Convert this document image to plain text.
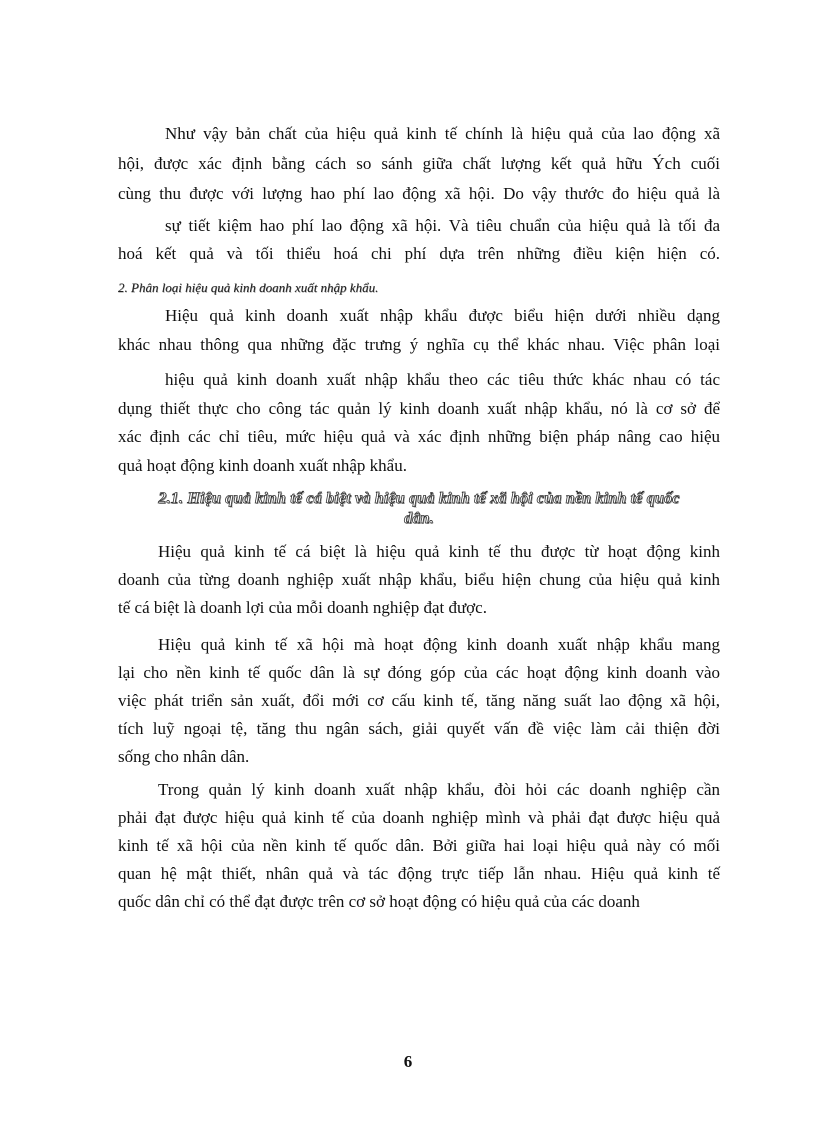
Như vậy bản chất của hiệu quả kinh tế chính là hiệu quả của lao động xã
hội, được xác định bằng cách so sánh giữa chất lượng kết quả hữu Ých cuối
cùng thu được với lượng hao phí lao động xã hội. Do vậy thước đo hiệu quả là
sự tiết kiệm hao phí lao động xã hội. Và tiêu chuẩn của hiệu quả là tối đa
hoá kết quả và tối thiểu hoá chi phí dựa trên những điều kiện hiện có.
2. Phân loại hiệu quả kinh doanh xuất nhập khẩu.
Hiệu quả kinh doanh xuất nhập khẩu được biểu hiện dưới nhiều dạng
khác nhau thông qua những đặc trưng ý nghĩa cụ thể khác nhau. Việc phân loại
hiệu quả kinh doanh xuất nhập khẩu theo các tiêu thức khác nhau có tác
dụng thiết thực cho công tác quản lý kinh doanh xuất nhập khẩu, nó là cơ sở để
xác định các chỉ tiêu, mức hiệu quả và xác định những biện pháp nâng cao hiệu
quả hoạt động kinh doanh xuất nhập khẩu.
2.1. Hiệu quả kinh tế cá biệt và hiệu quả kinh tế xã hội của nền kinh tế quốc
dân.
Hiệu quả kinh tế cá biệt là hiệu quả kinh tế thu được từ hoạt động kinh
doanh của từng doanh nghiệp xuất nhập khẩu, biểu hiện chung của hiệu quả kinh
tế cá biệt là doanh lợi của mỗi doanh nghiệp đạt được.
Hiệu quả kinh tế xã hội mà hoạt động kinh doanh xuất nhập khẩu mang
lại cho nền kinh tế quốc dân là sự đóng góp của các hoạt động kinh doanh vào
việc phát triển sản xuất, đổi mới cơ cấu kinh tế, tăng năng suất lao động xã hội,
tích luỹ ngoại tệ, tăng thu ngân sách, giải quyết vấn đề việc làm cải thiện đời
sống cho nhân dân.
Trong quản lý kinh doanh xuất nhập khẩu, đòi hỏi các doanh nghiệp cần
phải đạt được hiệu quả kinh tế của doanh nghiệp mình và phải đạt được hiệu quả
kinh tế xã hội của nền kinh tế quốc dân. Bởi giữa hai loại hiệu quả này có mối
quan hệ mật thiết, nhân quả và tác động trực tiếp lẫn nhau. Hiệu quả kinh tế
quốc dân chỉ có thể đạt được trên cơ sở hoạt động có hiệu quả của các doanh
6
